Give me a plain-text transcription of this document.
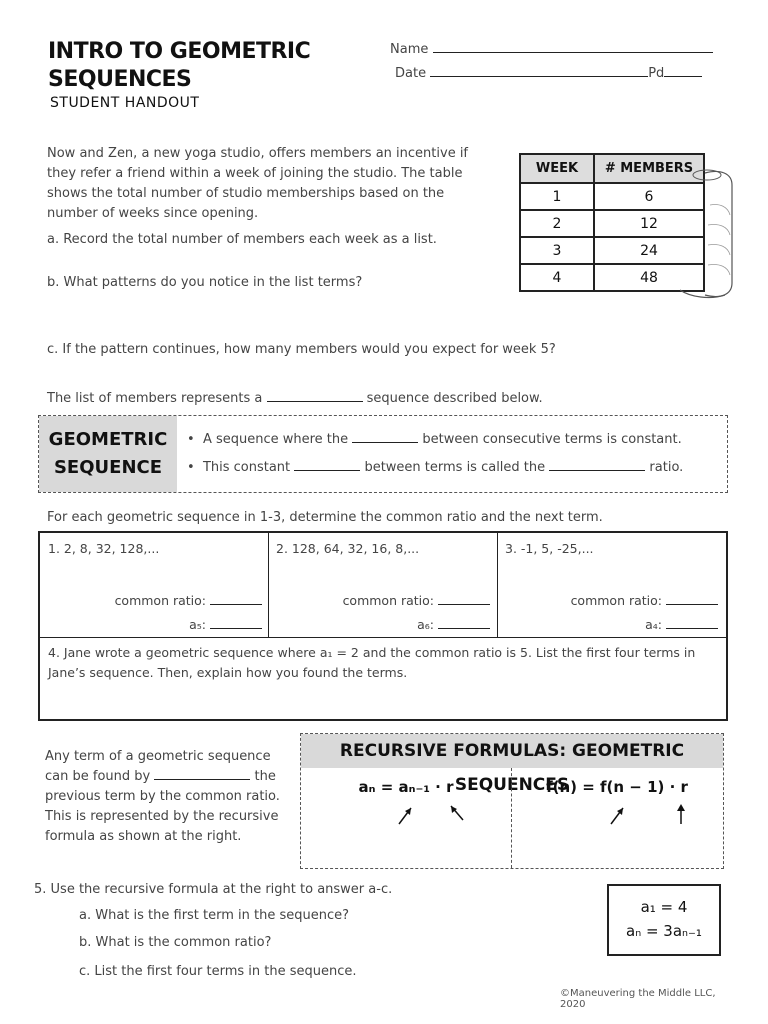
INTRO TO GEOMETRIC
SEQUENCES
STUDENT HANDOUT
Name
Date	Pd
Now and Zen, a new yoga studio, offers members an incentive if they refer a friend within a week of joining the studio. The table shows the total number of studio memberships based on the number of weeks since opening.
a. Record the total number of members each week as a list.
b. What patterns do you notice in the list terms?
c. If the pattern continues, how many members would you expect for week 5?
WEEK	# MEMBERS
1	6
2	12
3	24
4	48
The list of members represents a	sequence described below.
GEOMETRIC
SEQUENCE
•  A sequence where the	between consecutive terms is constant.
•  This constant	between terms is called the	ratio.
For each geometric sequence in 1-3, determine the common ratio and the next term.
1. 2, 8, 32, 128,...
common ratio:
a₅:
2. 128, 64, 32, 16, 8,...
common ratio:
a₆:
3. -1, 5, -25,...
common ratio:
a₄:
4. Jane wrote a geometric sequence where a₁ = 2 and the common ratio is 5. List the first four terms in Jane’s sequence. Then, explain how you found the terms.
Any term of a geometric sequence can be found by	the previous term by the common ratio. This is represented by the recursive formula as shown at the right.
RECURSIVE FORMULAS: GEOMETRIC SEQUENCES
aₙ = aₙ₋₁ · r	f(n) = f(n − 1) · r
5. Use the recursive formula at the right to answer a-c.
a. What is the first term in the sequence?
b. What is the common ratio?
c. List the first four terms in the sequence.
a₁ = 4
aₙ = 3aₙ₋₁
©Maneuvering the Middle LLC, 2020
